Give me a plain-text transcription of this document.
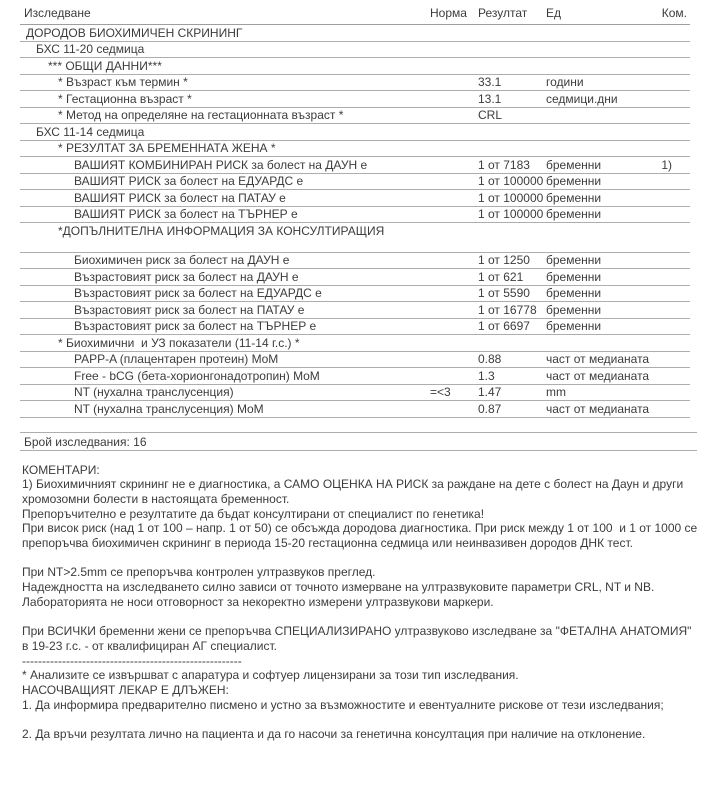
Изследване	Норма Резултат Ед	Ком.
ДОРОДОВ БИОХИМИЧЕН СКРИНИНГ
БХС 11-20 седмица
*** ОБЩИ ДАННИ***
* Възраст към термин *	33.1	години
* Гестационна възраст *	13.1	седмици.дни
* Метод на определяне на гестационната възраст *	CRL
БХС 11-14 седмица
* РЕЗУЛТАТ ЗА БРЕМЕННАТА ЖЕНА *
ВАШИЯТ КОМБИНИРАН РИСК за болест на ДАУН е	1 от 7183 бременни	1)
ВАШИЯТ РИСК за болест на ЕДУАРДС е	1 от 100000 бременни
ВАШИЯТ РИСК за болест на ПАТАУ е	1 от 100000 бременни
ВАШИЯТ РИСК за болест на ТЪРНЕР е	1 от 100000 бременни
*ДОПЪЛНИТЕЛНА ИНФОРМАЦИЯ ЗА КОНСУЛТИРАЩИЯ
Биохимичен риск за болест на ДАУН е	1 от 1250 бременни
Възрастовият риск за болест на ДАУН е	1 от 621 бременни
Възрастовият риск за болест на ЕДУАРДС е	1 от 5590 бременни
Възрастовият риск за болест на ПАТАУ е	1 от 16778 бременни
Възрастовият риск за болест на ТЪРНЕР е	1 от 6697 бременни
* Биохимични  и УЗ показатели (11-14 г.с.) *
PAPP-A (плацентарен протеин) MoM	0.88	част от медианата
Free - bCG (бета-хорионгонадотропин) MoM	1.3	част от медианата
NT (нухална транслусенция)	=<3 1.47	mm
NT (нухална транслусенция) MoM	0.87	част от медианата
Брой изследвания: 16
КОМЕНТАРИ:
1) Биохимичният скрининг не е диагностика, а САМО ОЦЕНКА НА РИСК за раждане на дете с болест на Даун и други
хромозомни болести в настоящата бременност.
Препоръчително е резултатите да бъдат консултирани от специалист по генетика!
При висок риск (над 1 от 100 – напр. 1 от 50) се обсъжда дородова диагностика. При риск между 1 от 100  и 1 от 1000 се
препоръчва биохимичен скрининг в периода 15-20 гестационна седмица или неинвазивен дородов ДНК тест.
При NT>2.5mm се препоръчва контролен ултразвуков преглед.
Надеждността на изследването силно зависи от точното измерване на ултразвуковите параметри CRL, NT и NB.
Лабораторията не носи отговорност за некоректно измерени ултразвукови маркери.
При ВСИЧКИ бременни жени се препоръчва СПЕЦИАЛИЗИРАНО ултразвуково изследване за "ФЕТАЛНА АНАТОМИЯ"
в 19-23 г.с. - от квалифициран АГ специалист.
-------------------------------------------------------
* Анализите се извършват с апаратура и софтуер лицензирани за този тип изследвания.
НАСОЧВАЩИЯТ ЛЕКАР Е ДЛЪЖЕН:
1. Да информира предварително писмено и устно за възможностите и евентуалните рискове от тези изследвания;
2. Да връчи резултата лично на пациента и да го насочи за генетична консултация при наличие на отклонение.
